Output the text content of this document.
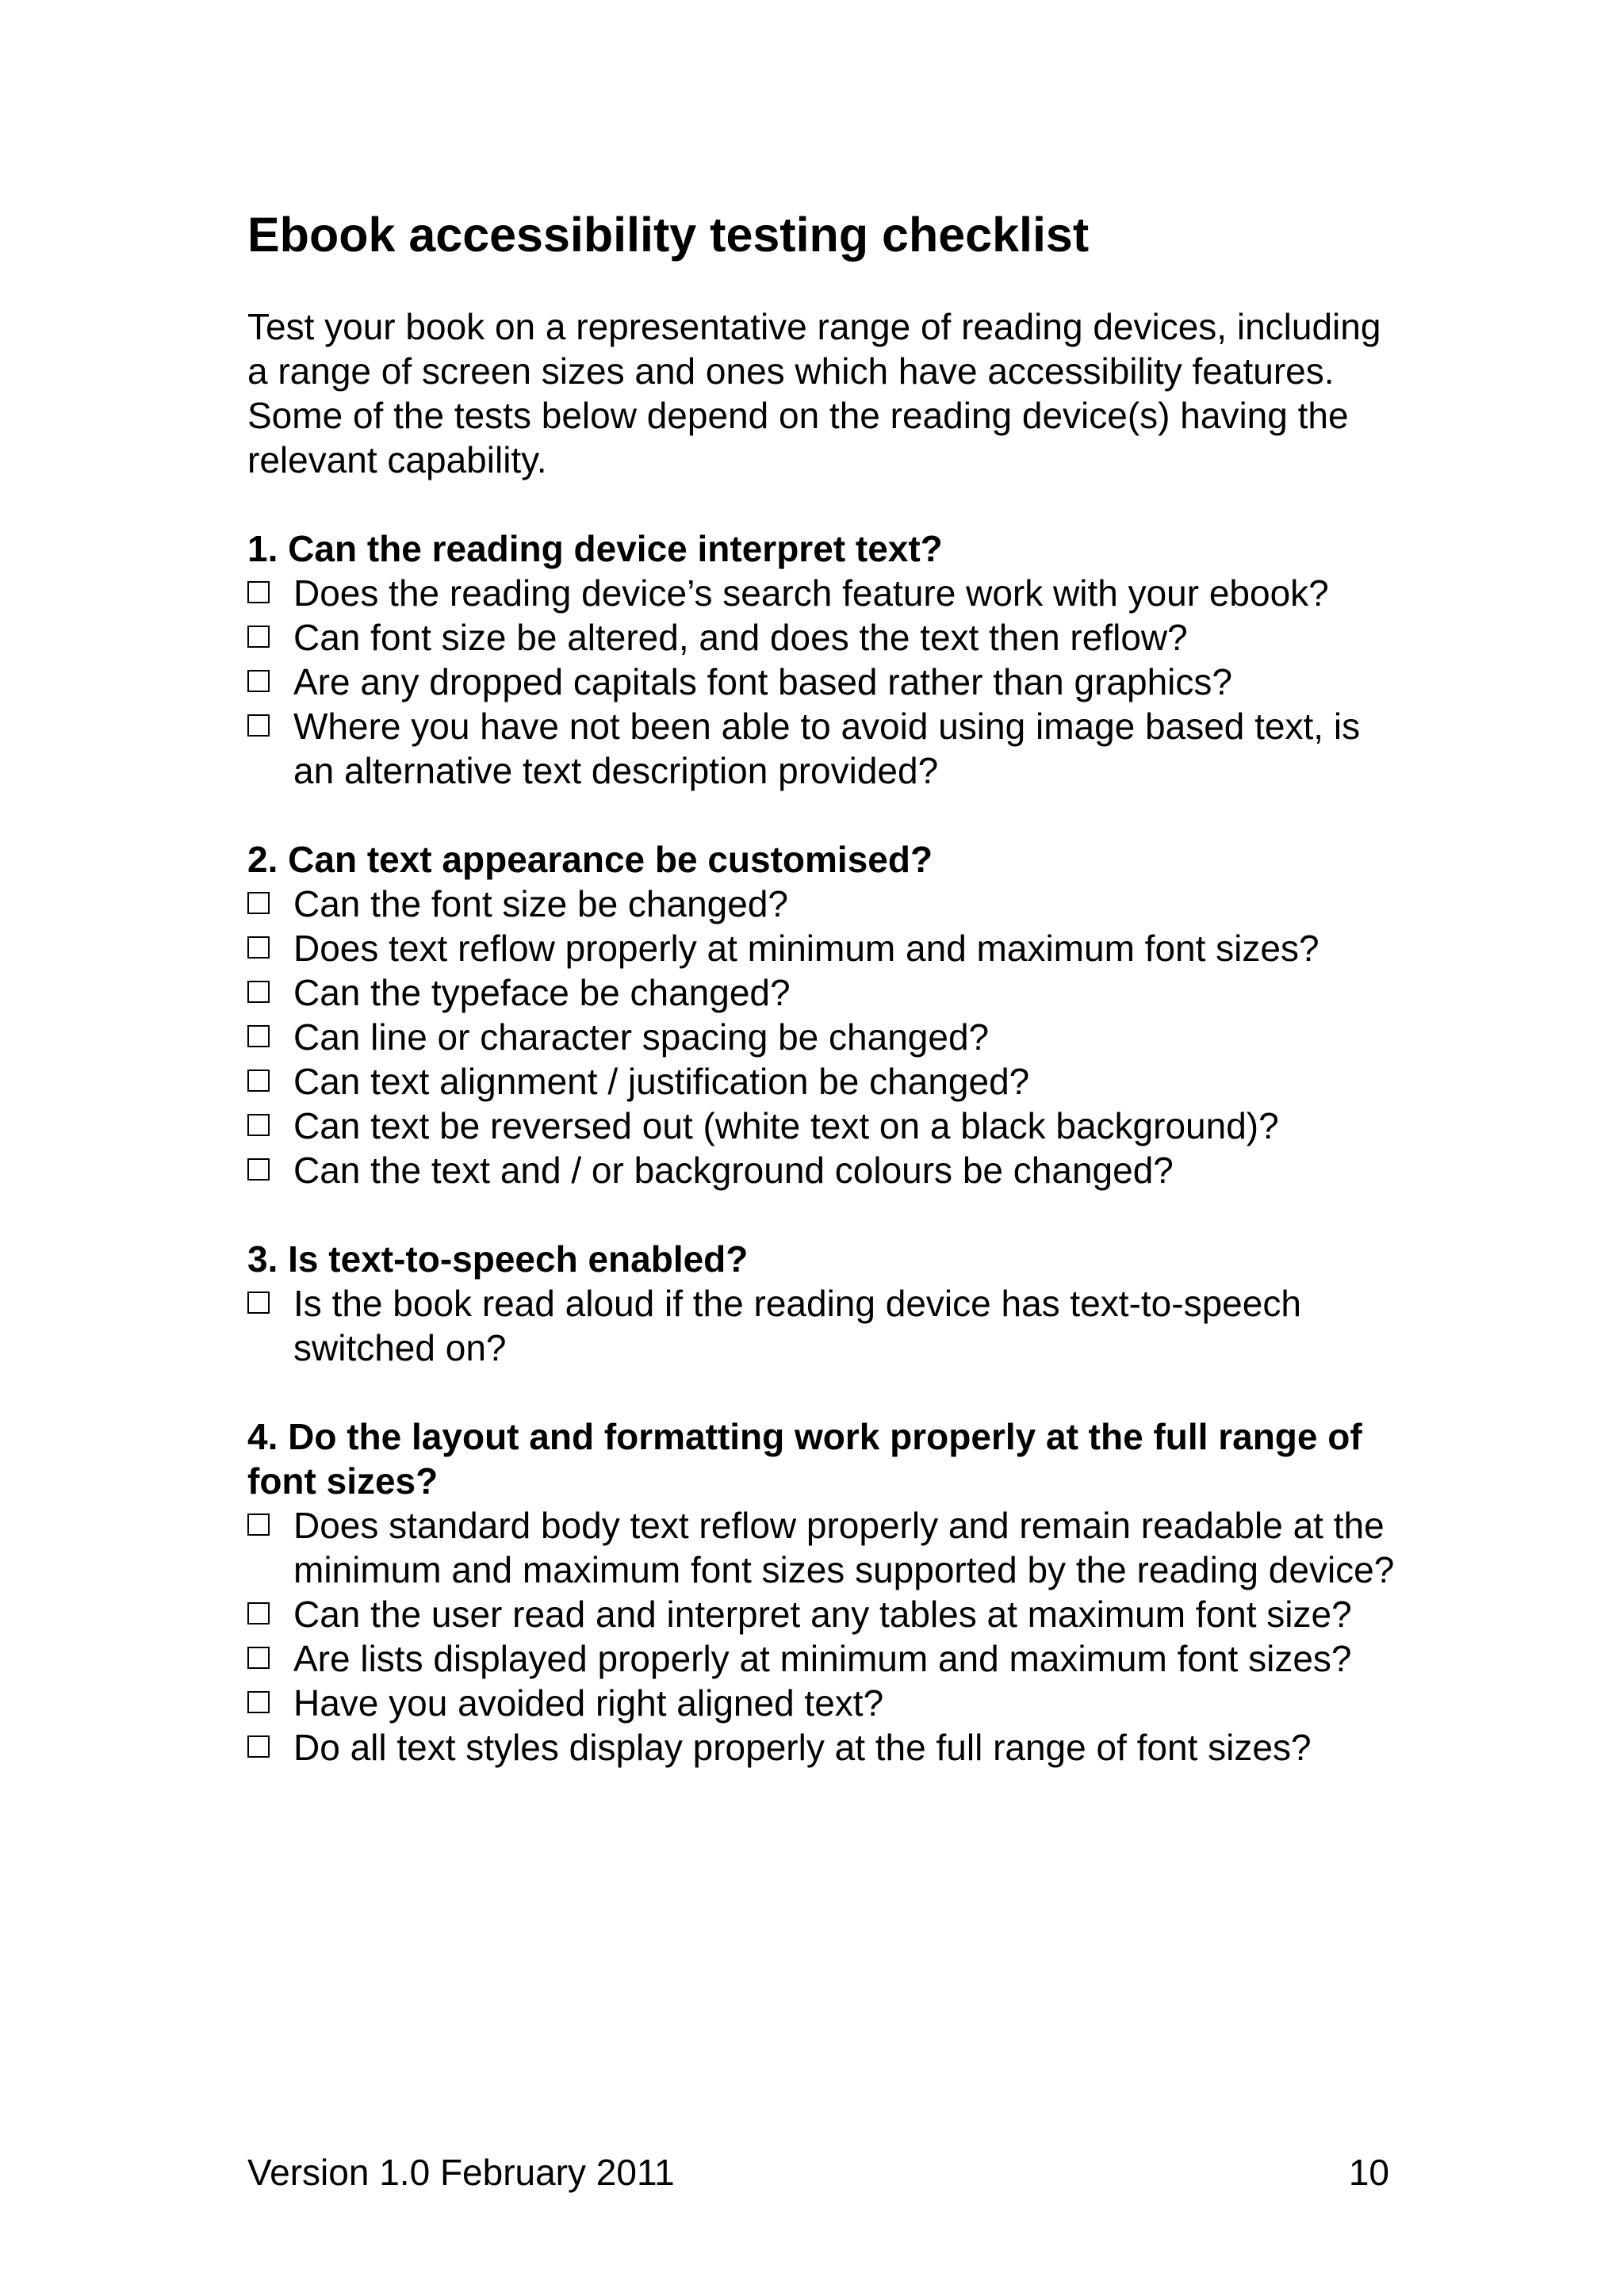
Ebook accessibility testing checklist

Test your book on a representative range of reading devices, including a range of screen sizes and ones which have accessibility features. Some of the tests below depend on the reading device(s) having the relevant capability.

1. Can the reading device interpret text?
Does the reading device’s search feature work with your ebook?
Can font size be altered, and does the text then reflow?
Are any dropped capitals font based rather than graphics?
Where you have not been able to avoid using image based text, is an alternative text description provided?
2. Can text appearance be customised?
Can the font size be changed?
Does text reflow properly at minimum and maximum font sizes?
Can the typeface be changed?
Can line or character spacing be changed?
Can text alignment / justification be changed?
Can text be reversed out (white text on a black background)?
Can the text and / or background colours be changed?
3. Is text-to-speech enabled?
Is the book read aloud if the reading device has text-to-speech switched on?
4. Do the layout and formatting work properly at the full range of font sizes?
Does standard body text reflow properly and remain readable at the minimum and maximum font sizes supported by the reading device?
Can the user read and interpret any tables at maximum font size?
Are lists displayed properly at minimum and maximum font sizes?
Have you avoided right aligned text?
Do all text styles display properly at the full range of font sizes?
Version 1.0 February 2011	10
